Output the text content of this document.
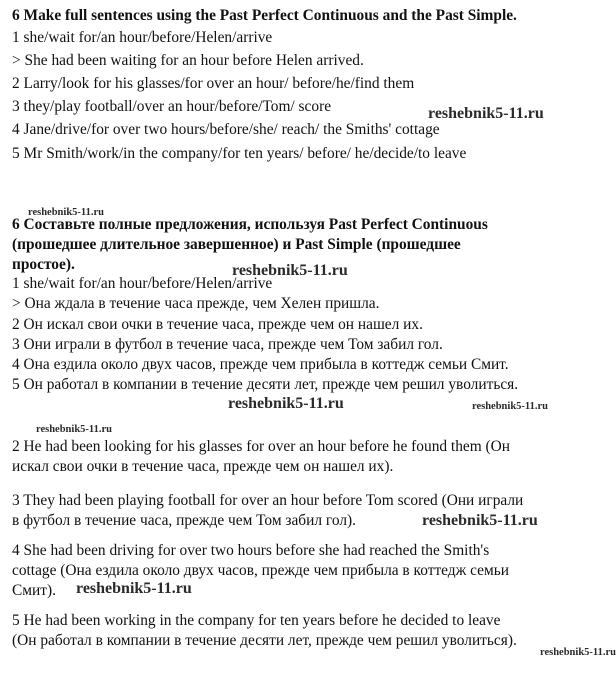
6 Make full sentences using the Past Perfect Continuous and the Past Simple.
1 she/wait for/an hour/before/Helen/arrive
> She had been waiting for an hour before Helen arrived.
2 Larry/look for his glasses/for over an hour/ before/he/find them
3 they/play football/over an hour/before/Tom/ score
4 Jane/drive/for over two hours/before/she/ reach/ the Smiths' cottage
5 Mr Smith/work/in the company/for ten years/ before/ he/decide/to leave
6 Составьте полные предложения, используя Past Perfect Continuous
(прошедшее длительное завершенное) и Past Simple (прошедшее
простое).
1 she/wait for/an hour/before/Helen/arrive
> Она ждала в течение часа прежде, чем Хелен пришла.
2 Он искал свои очки в течение часа, прежде чем он нашел их.
3 Они играли в футбол в течение часа, прежде чем Том забил гол.
4 Она ездила около двух часов, прежде чем прибыла в коттедж семьи Смит.
5 Он работал в компании в течение десяти лет, прежде чем решил уволиться.
2 He had been looking for his glasses for over an hour before he found them (Он
искал свои очки в течение часа, прежде чем он нашел их).
3 They had been playing football for over an hour before Tom scored (Они играли
в футбол в течение часа, прежде чем Том забил гол).
4 She had been driving for over two hours before she had reached the Smith's
cottage (Она ездила около двух часов, прежде чем прибыла в коттедж семьи
Смит).
5 He had been working in the company for ten years before he decided to leave
(Он работал в компании в течение десяти лет, прежде чем решил уволиться).
reshebnik5-11.ru
reshebnik5-11.ru
reshebnik5-11.ru
reshebnik5-11.ru	reshebnik5-11.ru
reshebnik5-11.ru
reshebnik5-11.ru
reshebnik5-11.ru
reshebnik5-11.ru
